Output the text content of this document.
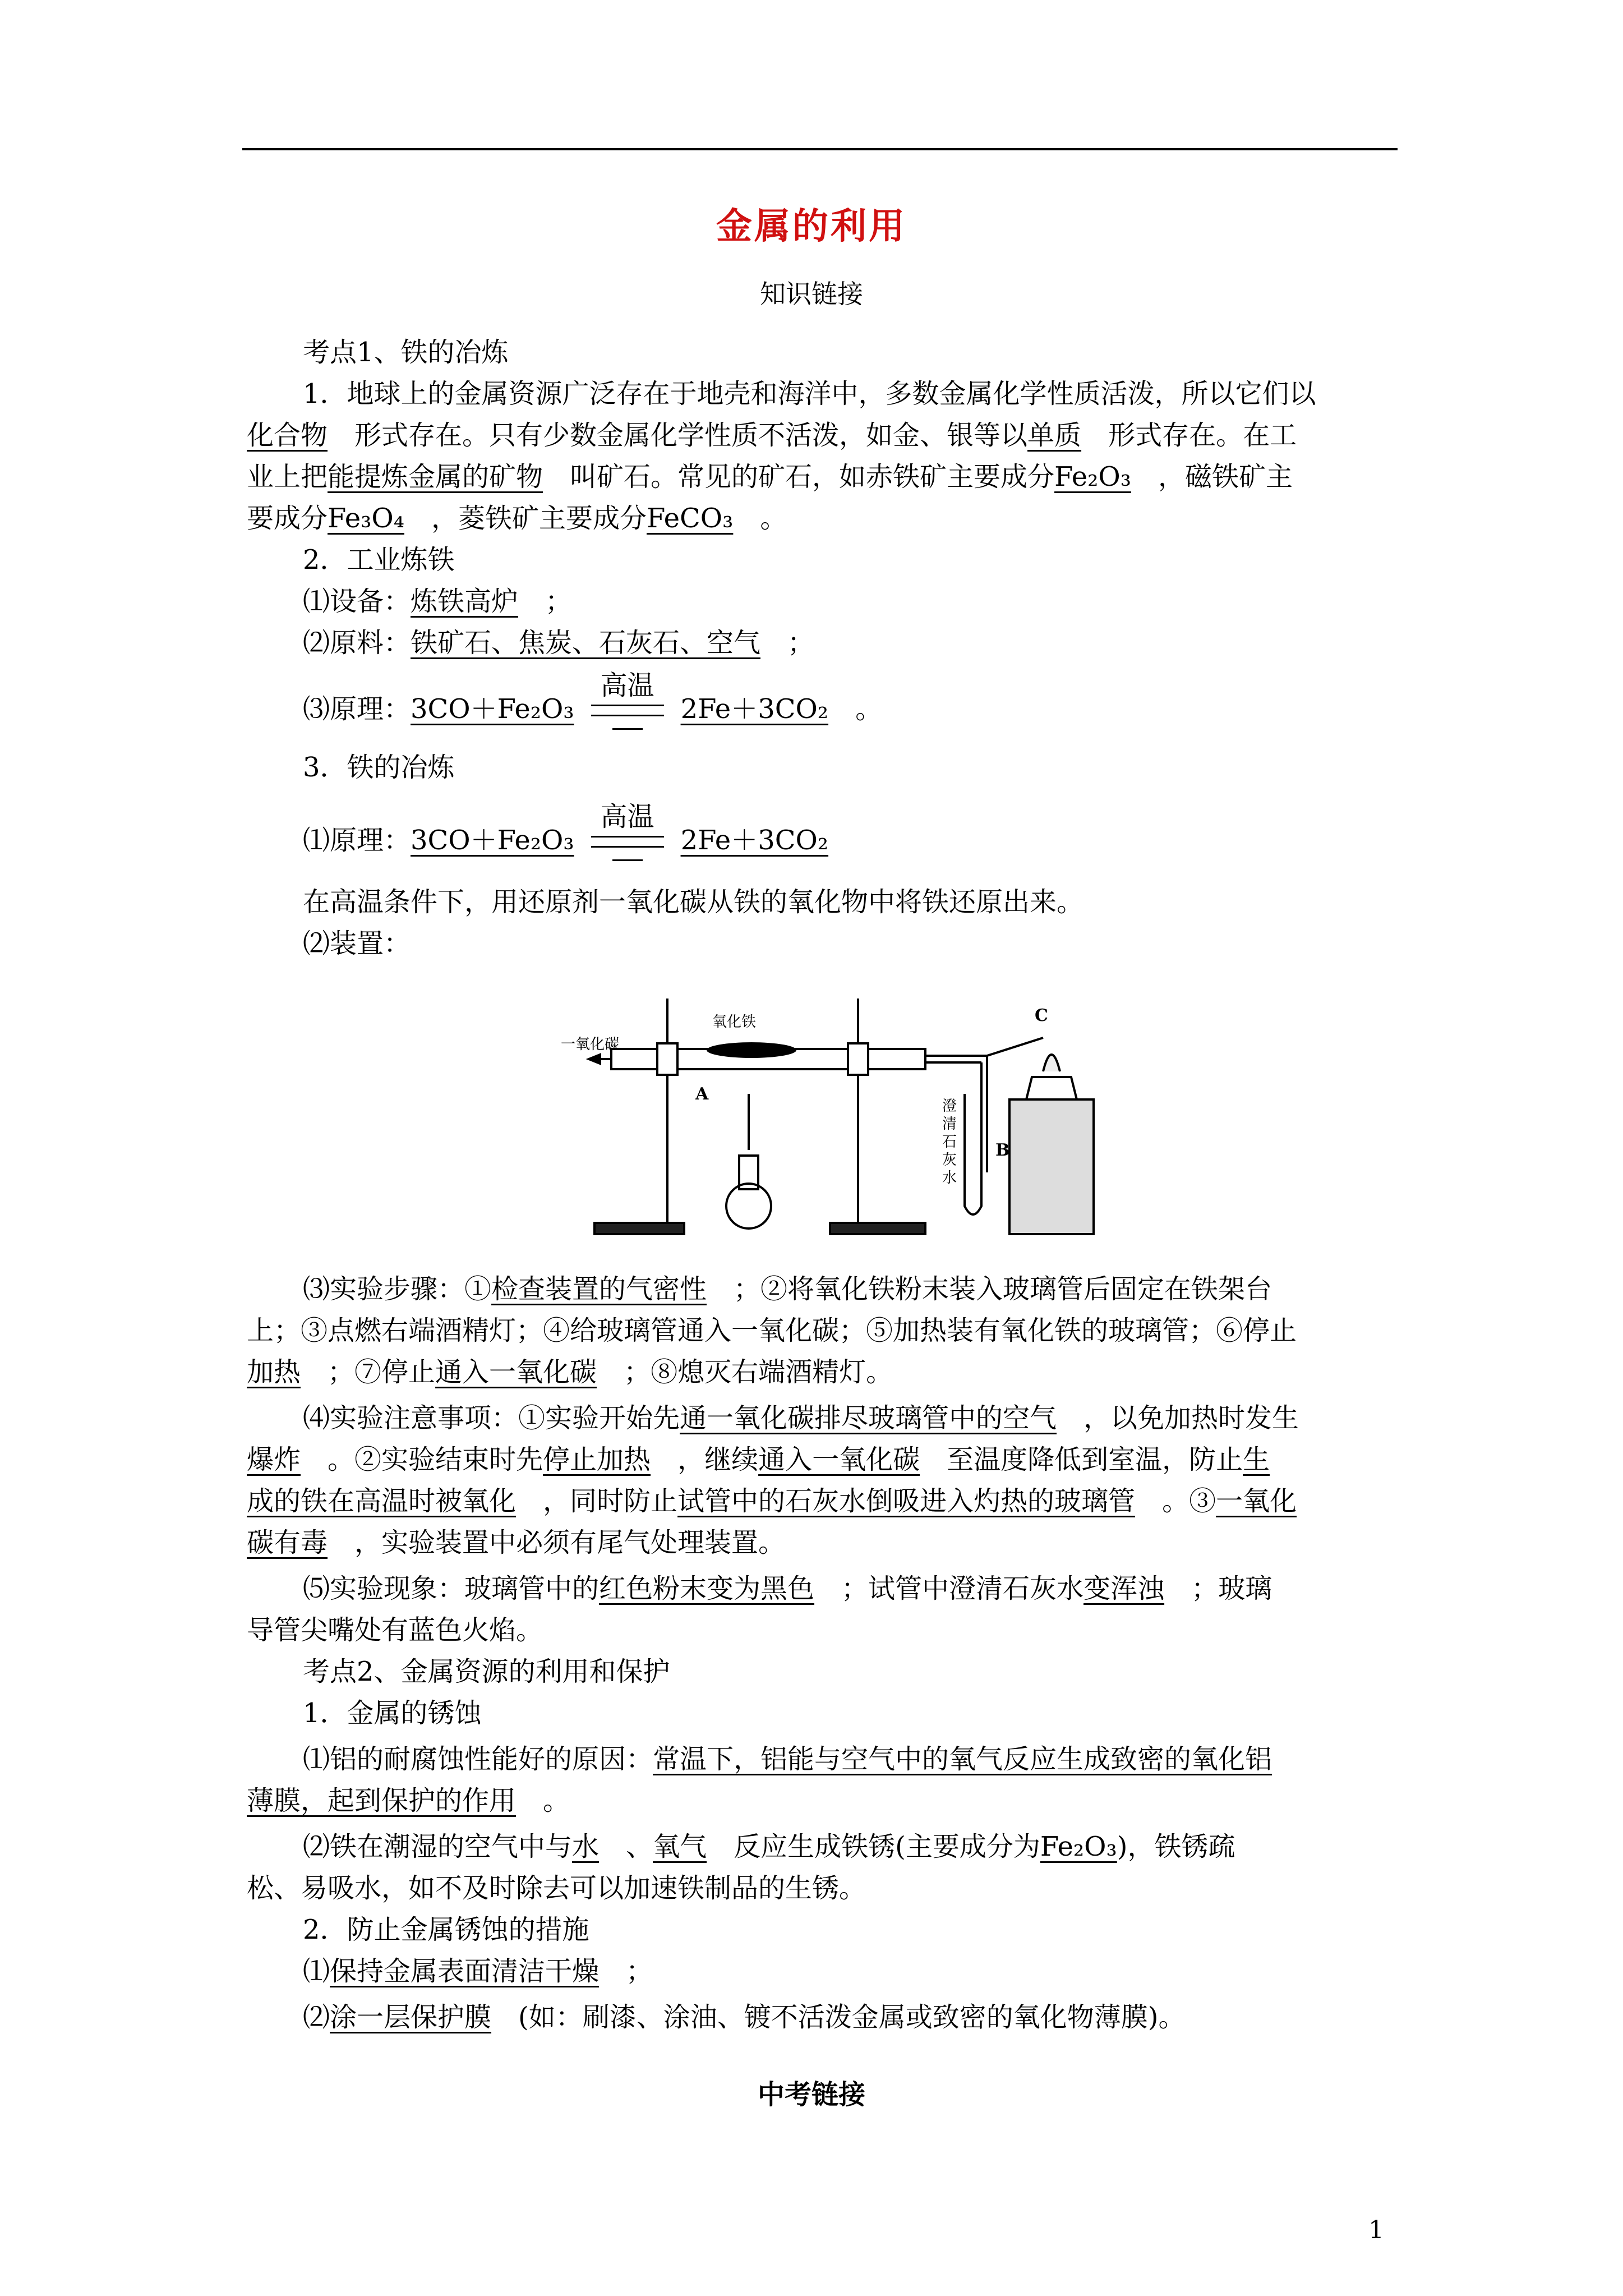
金属的利用
知识链接
考点1、铁的冶炼
1．地球上的金属资源广泛存在于地壳和海洋中，多数金属化学性质活泼，所以它们以
化合物　 形式存在。只有少数金属化学性质不活泼，如金、银等以单质　 形式存在。在工
业上把能提炼金属的矿物　 叫矿石。常见的矿石，如赤铁矿主要成分Fe₂O₃　 ，磁铁矿主
要成分Fe₃O₄　 ，菱铁矿主要成分FeCO₃　 。
2．工业炼铁
⑴设备：炼铁高炉　 ；
⑵原料：铁矿石、焦炭、石灰石、空气　 ；
⑶原理：3CO＋Fe₂O₃
高温
2Fe＋3CO₂　 。
3．铁的冶炼
⑴原理：3CO＋Fe₂O₃
高温
2Fe＋3CO₂
在高温条件下，用还原剂一氧化碳从铁的氧化物中将铁还原出来。
⑵装置：
一氧化碳
氧化铁
A
B
C
澄
清
石
灰
水
⑶实验步骤：①检查装置的气密性　 ；②将氧化铁粉末装入玻璃管后固定在铁架台
上；③点燃右端酒精灯；④给玻璃管通入一氧化碳；⑤加热装有氧化铁的玻璃管；⑥停止
加热　 ；⑦停止通入一氧化碳　 ；⑧熄灭右端酒精灯。
⑷实验注意事项：①实验开始先通一氧化碳排尽玻璃管中的空气　 ，以免加热时发生
爆炸　 。②实验结束时先停止加热　 ，继续通入一氧化碳　 至温度降低到室温，防止生
成的铁在高温时被氧化　 ，同时防止试管中的石灰水倒吸进入灼热的玻璃管　 。③一氧化
碳有毒　 ，实验装置中必须有尾气处理装置。
⑸实验现象：玻璃管中的红色粉末变为黑色　 ；试管中澄清石灰水变浑浊　 ；玻璃
导管尖嘴处有蓝色火焰。
考点2、金属资源的利用和保护
1．金属的锈蚀
⑴铝的耐腐蚀性能好的原因：常温下，铝能与空气中的氧气反应生成致密的氧化铝
薄膜，起到保护的作用　 。
⑵铁在潮湿的空气中与水　 、氧气　 反应生成铁锈(主要成分为Fe₂O₃)，铁锈疏
松、易吸水，如不及时除去可以加速铁制品的生锈。
2．防止金属锈蚀的措施
⑴保持金属表面清洁干燥　 ；
⑵涂一层保护膜　 (如：刷漆、涂油、镀不活泼金属或致密的氧化物薄膜)。
中考链接
1
